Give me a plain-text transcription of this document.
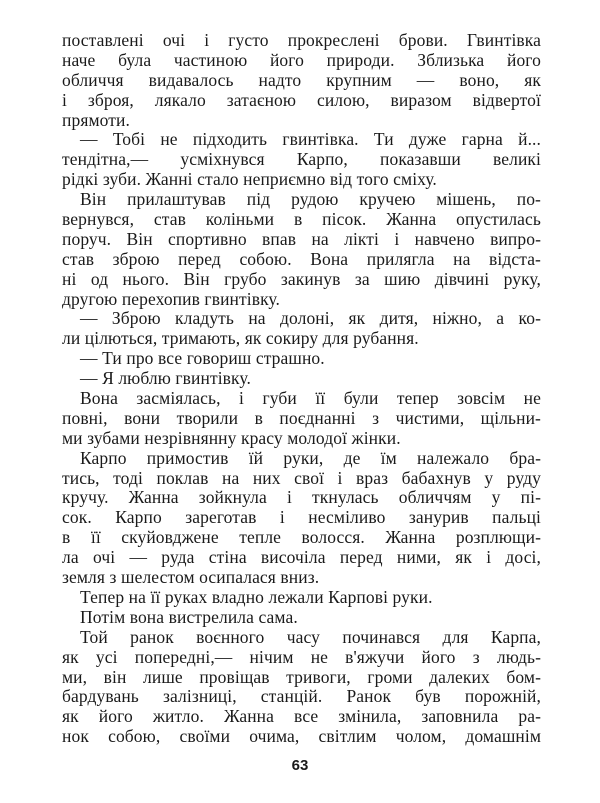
поставлені очі і густо прокреслені брови. Гвинтівка
наче була частиною його природи. Зблизька його
обличчя видавалось надто крупним — воно, як
і зброя, лякало затаєною силою, виразом відвертої
прямоти.
— Тобі не підходить гвинтівка. Ти дуже гарна й...
тендітна,— усміхнувся Карпо, показавши великі
рідкі зуби. Жанні стало неприємно від того сміху.
Він прилаштував під рудою кручею мішень, по-
вернувся, став коліньми в пісок. Жанна опустилась
поруч. Він спортивно впав на лікті і навчено випро-
став зброю перед собою. Вона прилягла на відста-
ні од нього. Він грубо закинув за шию дівчині руку,
другою перехопив гвинтівку.
— Зброю кладуть на долоні, як дитя, ніжно, а ко-
ли цілються, тримають, як сокиру для рубання.
— Ти про все говориш страшно.
— Я люблю гвинтівку.
Вона засміялась, і губи її були тепер зовсім не
повні, вони творили в поєднанні з чистими, щільни-
ми зубами незрівнянну красу молодої жінки.
Карпо примостив їй руки, де їм належало бра-
тись, тоді поклав на них свої і враз бабахнув у руду
кручу. Жанна зойкнула і ткнулась обличчям у пі-
сок. Карпо зареготав і несміливо занурив пальці
в її скуйовджене тепле волосся. Жанна розплющи-
ла очі — руда стіна височіла перед ними, як і досі,
земля з шелестом осипалася вниз.
Тепер на її руках владно лежали Карпові руки.
Потім вона вистрелила сама.
Той ранок воєнного часу починався для Карпа,
як усі попередні,— нічим не в'яжучи його з людь-
ми, він лише провіщав тривоги, громи далеких бом-
бардувань залізниці, станцій. Ранок був порожній,
як його житло. Жанна все змінила, заповнила ра-
нок собою, своїми очима, світлим чолом, домашнім
63
